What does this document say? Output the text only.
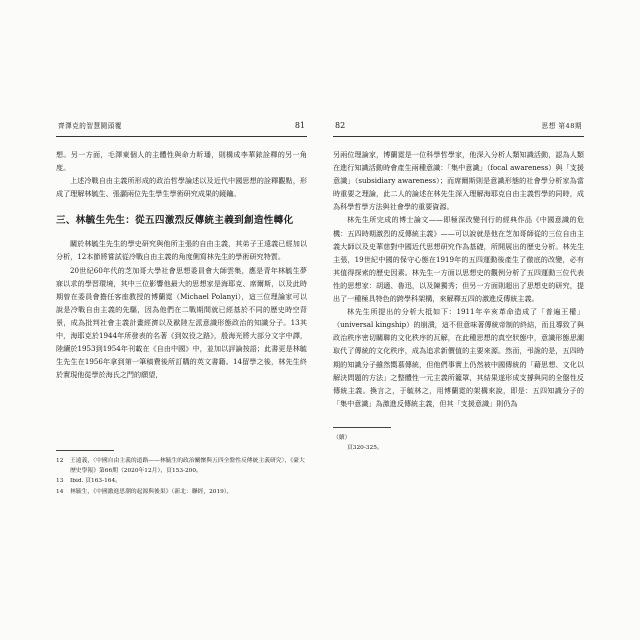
齊澤克的智慧鬪頭覆	81

想。另一方面，毛澤東個人的主體性與命力昕璠，則構成李華銥詮釋的另一角度。

上述冷戰自由主義所形成的政治哲學論述以及近代中國思想的詮釋觀點，形成了理解林毓生、張灝兩位先生學生學術研究成果的鏡鑰。

三、林毓生先生：從五四激烈反傳統主義到創造性轉化

關於林毓生先生的學史研究與他所主張的自由主義，其弟子王遠義已經加以分析，12本節將嘗試從冷戰自由主義的角度側寫林先生的學術研究特質。

20世紀60年代的芝加哥大學社會思想委員會大師雲集，應是青年林毓生夢寐以求的學習環境，其中三位影響他最大的思想家是海耶克、席爾斯，以及此時期曾在委員會擔任客座教授的博蘭霓（Michael Polanyi），這三位理論家可以說是冷戰自由主義的先驅，因為他們在二戰期間就已經基於不同的歷史時空背景，成為批判社會主義計畫經濟以及歐陸左派意識形態政治的知識分子。13其中，海耶克於1944年所發表的名著《到奴役之路》，殷海光將大部分文字中譯，陸續於1953到1954年刊載在《自由中國》中，並加以評論按語；此書更是林毓生先生在1956年拿到第一筆稿費後所訂購的英文書籍。14留學之後，林先生終於實現他從學於海氏之門的願望，

12	王遠義，〈中國自由主義的道路——林毓生的政治關懷與五四全盤性反傳統主義研究〉，《臺大歷史學報》第66期（2020年12月），頁153-200。
13	Ibid. 頁163-164。
14	林毓生，《中國激進思潮的起源與後果》（新北：聯經，2019），
82	思想 第48期

另兩位理論家，博蘭霓是一位科學哲學家，他深入分析人類知識活動，認為人類在進行知識活動時會產生兩種意識：「集中意識」（focal awareness）與「支援意識」（subsidiary awareness）；而席爾斯則是意識形態的社會學分析家為當時重要之理論，此二人的論述在林先生深入理解海耶克自由主義哲學的同時，成為科學哲學方法與社會學的重要資源。

林先生所完成的博士論文——即極深改變刊行的經典作品《中國意識的危機：五四時期激烈的反傳統主義》——可以說就是他在芝加哥師從的三位自由主義大師以及史華慈對中國近代思想研究作為基礎，所開展出的歷史分析。林先生主張，19世紀中國的保守心態在1919年的五四運動後產生了徹底的改變，必有其值得探索的歷史因素。林先生一方面以思想史的觀例分析了五四運動三位代表性的思想家：胡適、魯迅，以及陳獨秀；但另一方面則超出了思想史的研究，提出了一種極具特色的跨學科架構，來解釋五四的激進反傳統主義。

林先生所提出的分析大抵如下：1911年辛亥革命造成了「普遍王權」（universal kingship）的崩潰，這不但意味著傳統帝制的終結，而且導致了與政治秩序密切關聯的文化秩序的瓦解，在此種思想的真空狀態中，意識形態思潮取代了傳統的文化秩序，成為追求新價值的主要來源。然而，弔詭的是，五四時期的知識分子雖然嚮慕傳統，但他們事實上仍然被中國傳統的「藉思想、文化以解決問題的方法」之整體性一元主義所籠罩，其結果遂形成支撐與同的全盤性反傳統主義。換言之，于毓林之，用博蘭霓的架構來說，即是：五四知識分子的「集中意識」為激進反傳統主義，但其「支援意識」則仍為

（續）
頁320-325。
